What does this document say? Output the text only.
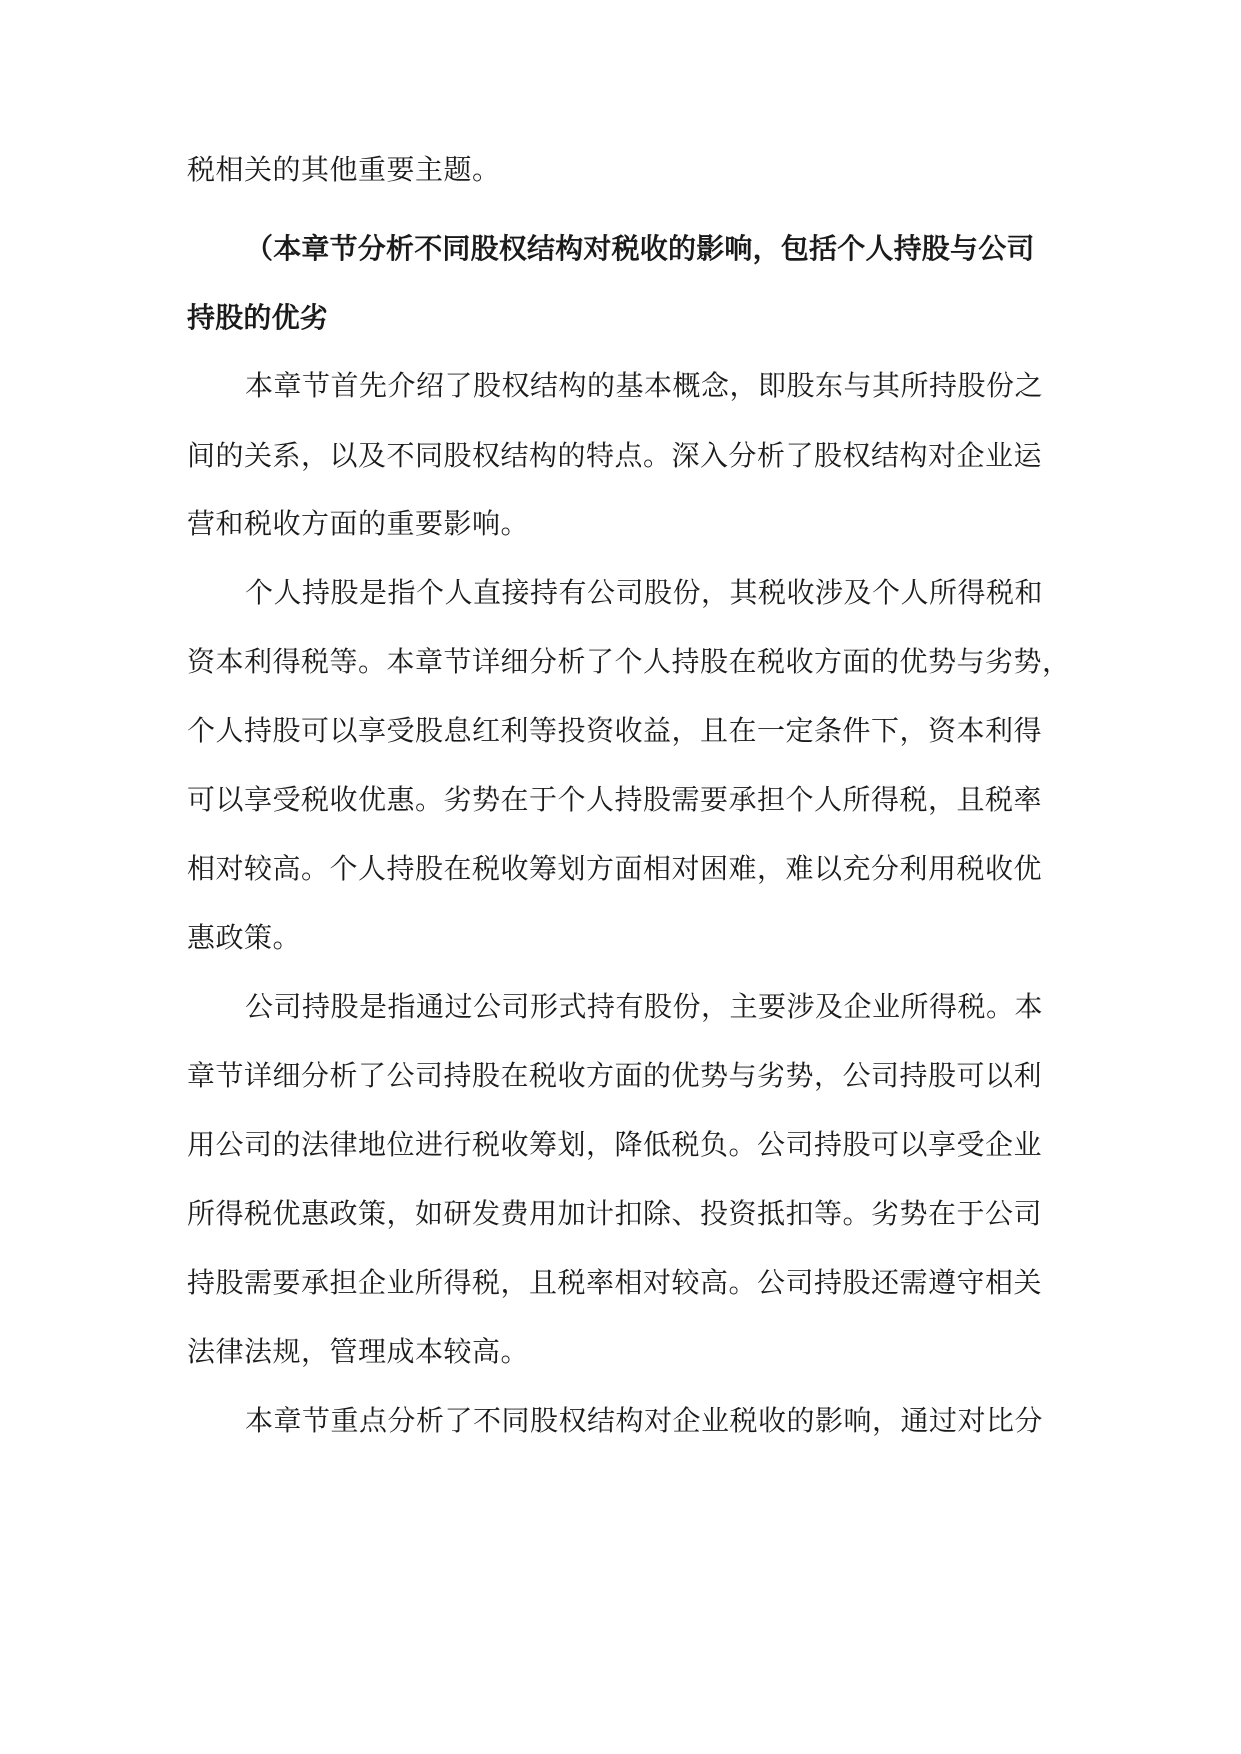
税相关的其他重要主题。
（本章节分析不同股权结构对税收的影响，包括个人持股与公司
持股的优劣
本章节首先介绍了股权结构的基本概念，即股东与其所持股份之
间的关系，以及不同股权结构的特点。深入分析了股权结构对企业运
营和税收方面的重要影响。
个人持股是指个人直接持有公司股份，其税收涉及个人所得税和
资本利得税等。本章节详细分析了个人持股在税收方面的优势与劣势，
个人持股可以享受股息红利等投资收益，且在一定条件下，资本利得
可以享受税收优惠。劣势在于个人持股需要承担个人所得税，且税率
相对较高。个人持股在税收筹划方面相对困难，难以充分利用税收优
惠政策。
公司持股是指通过公司形式持有股份，主要涉及企业所得税。本
章节详细分析了公司持股在税收方面的优势与劣势，公司持股可以利
用公司的法律地位进行税收筹划，降低税负。公司持股可以享受企业
所得税优惠政策，如研发费用加计扣除、投资抵扣等。劣势在于公司
持股需要承担企业所得税，且税率相对较高。公司持股还需遵守相关
法律法规，管理成本较高。
本章节重点分析了不同股权结构对企业税收的影响，通过对比分
